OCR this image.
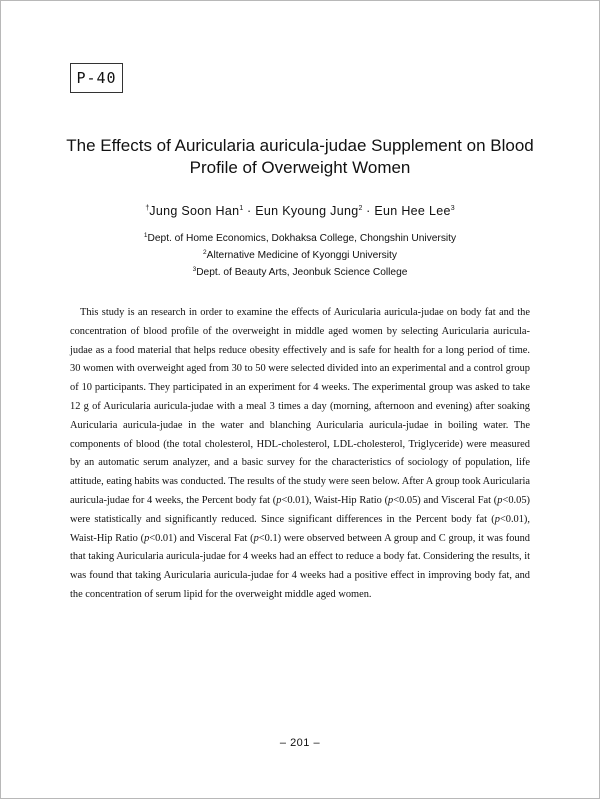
P-40
The Effects of Auricularia auricula-judae Supplement on Blood
Profile of Overweight Women
†Jung Soon Han$^1$ · Eun Kyoung Jung$^2$ · Eun Hee Lee$^3$
$^1$Dept. of Home Economics, Dokhaksa College, Chongshin University
$^2$Alternative Medicine of Kyonggi University
$^3$Dept. of Beauty Arts, Jeonbuk Science College

This study is an research in order to examine the effects of Auricularia auricula-judae on body fat and the concentration of blood profile of the overweight in middle aged women by selecting Auricularia auricula-judae as a food material that helps reduce obesity effectively and is safe for health for a long period of time. 30 women with overweight aged from 30 to 50 were selected divided into an experimental and a control group of 10 participants. They participated in an experiment for 4 weeks. The experimental group was asked to take 12 g of Auricularia auricula-judae with a meal 3 times a day (morning, afternoon and evening) after soaking Auricularia auricula-judae in the water and blanching Auricularia auricula-judae in boiling water. The components of blood (the total cholesterol, HDL-cholesterol, LDL-cholesterol, Triglyceride) were measured by an automatic serum analyzer, and a basic survey for the characteristics of sociology of population, life attitude, eating habits was conducted. The results of the study were seen below. After A group took Auricularia auricula-judae for 4 weeks, the Percent body fat (p<0.01), Waist-Hip Ratio (p<0.05) and Visceral Fat (p<0.05) were statistically and significantly reduced. Since significant differences in the Percent body fat (p<0.01), Waist-Hip Ratio (p<0.01) and Visceral Fat (p<0.1) were observed between A group and C group, it was found that taking Auricularia auricula-judae for 4 weeks had an effect to reduce a body fat. Considering the results, it was found that taking Auricularia auricula-judae for 4 weeks had a positive effect in improving body fat, and the concentration of serum lipid for the overweight middle aged women.

– 201 –
